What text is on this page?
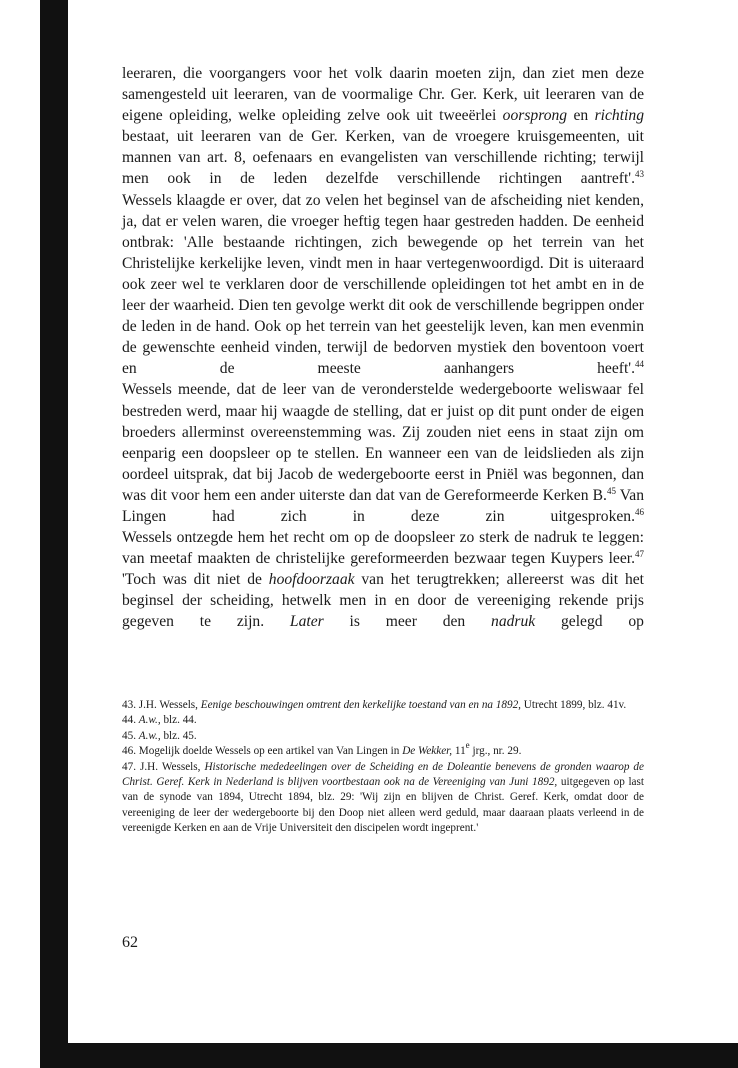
leeraren, die voorgangers voor het volk daarin moeten zijn, dan ziet men deze samengesteld uit leeraren, van de voormalige Chr. Ger. Kerk, uit leeraren van de eigene opleiding, welke opleiding zelve ook uit tweeërlei oorsprong en richting bestaat, uit leeraren van de Ger. Kerken, van de vroegere kruisgemeenten, uit mannen van art. 8, oefenaars en evangelisten van verschillende richting; terwijl men ook in de leden dezelfde verschillende richtingen aantreft'.$^{43}$

Wessels klaagde er over, dat zo velen het beginsel van de afscheiding niet kenden, ja, dat er velen waren, die vroeger heftig tegen haar gestreden hadden. De eenheid ontbrak: 'Alle bestaande richtingen, zich bewegende op het terrein van het Christelijke kerkelijke leven, vindt men in haar vertegenwoordigd. Dit is uiteraard ook zeer wel te verklaren door de verschillende opleidingen tot het ambt en in de leer der waarheid. Dien ten gevolge werkt dit ook de verschillende begrippen onder de leden in de hand. Ook op het terrein van het geestelijk leven, kan men evenmin de gewenschte eenheid vinden, terwijl de bedorven mystiek den boventoon voert en de meeste aanhangers heeft'.$^{44}$

Wessels meende, dat de leer van de veronderstelde wedergeboorte weliswaar fel bestreden werd, maar hij waagde de stelling, dat er juist op dit punt onder de eigen broeders allerminst overeenstemming was. Zij zouden niet eens in staat zijn om eenparig een doopsleer op te stellen. En wanneer een van de leidslieden als zijn oordeel uitsprak, dat bij Jacob de wedergeboorte eerst in Pniël was begonnen, dan was dit voor hem een ander uiterste dan dat van de Gereformeerde Kerken B.$^{45}$ Van Lingen had zich in deze zin uitgesproken.$^{46}$

Wessels ontzegde hem het recht om op de doopsleer zo sterk de nadruk te leggen: van meetaf maakten de christelijke gereformeerden bezwaar tegen Kuypers leer.$^{47}$ 'Toch was dit niet de hoofdoorzaak van het terugtrekken; allereerst was dit het beginsel der scheiding, hetwelk men in en door de vereeniging rekende prijs gegeven te zijn. Later is meer den nadruk gelegd op

43. J.H. Wessels, Eenige beschouwingen omtrent den kerkelijke toestand van en na 1892, Utrecht 1899, blz. 41v.

44. A.w., blz. 44.

45. A.w., blz. 45.

46. Mogelijk doelde Wessels op een artikel van Van Lingen in De Wekker, 11e jrg., nr. 29.

47. J.H. Wessels, Historische mededeelingen over de Scheiding en de Doleantie benevens de gronden waarop de Christ. Geref. Kerk in Nederland is blijven voortbestaan ook na de Vereeniging van Juni 1892, uitgegeven op last van de synode van 1894, Utrecht 1894, blz. 29: 'Wij zijn en blijven de Christ. Geref. Kerk, omdat door de vereeniging de leer der wedergeboorte bij den Doop niet alleen werd geduld, maar daaraan plaats verleend in de vereenigde Kerken en aan de Vrije Universiteit den discipelen wordt ingeprent.'

62
